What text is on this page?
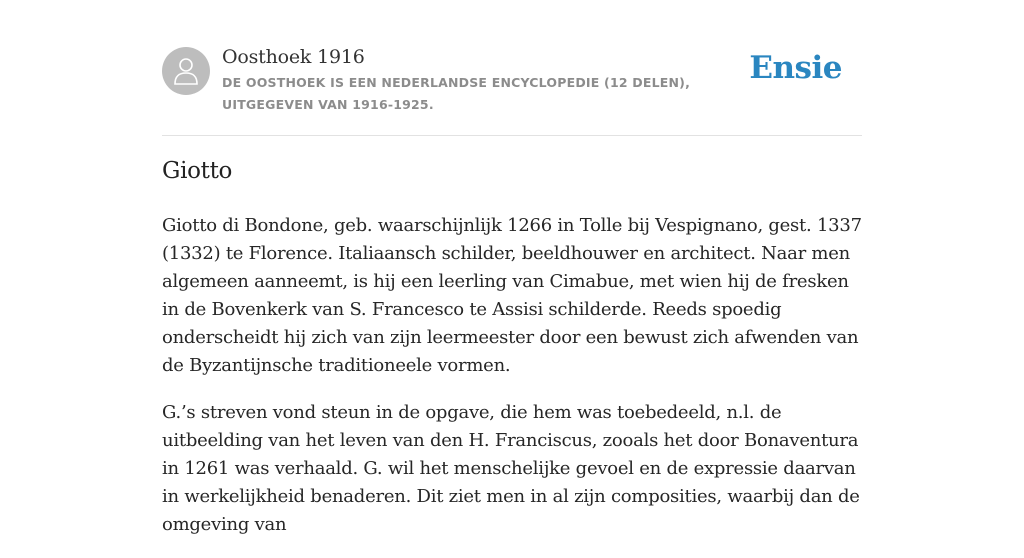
Oosthoek 1916
DE OOSTHOEK IS EEN NEDERLANDSE ENCYCLOPEDIE (12 DELEN), UITGEGEVEN VAN 1916-1925.
Ensie
Giotto

Giotto di Bondone, geb. waarschijnlijk 1266 in Tolle bij Vespignano, gest. 1337 (1332) te Florence. Italiaansch schilder, beeldhouwer en architect. Naar men algemeen aanneemt, is hij een leerling van Cimabue, met wien hij de fresken in de Bovenkerk van S. Francesco te Assisi schilderde. Reeds spoedig onderscheidt hij zich van zijn leermeester door een bewust zich afwenden van de Byzantijnsche traditioneele vormen.

G.’s streven vond steun in de opgave, die hem was toebedeeld, n.l. de uitbeelding van het leven van den H. Franciscus, zooals het door Bonaventura in 1261 was verhaald. G. wil het menschelijke gevoel en de expressie daarvan in werkelijkheid benaderen. Dit ziet men in al zijn composities, waarbij dan de omgeving van
